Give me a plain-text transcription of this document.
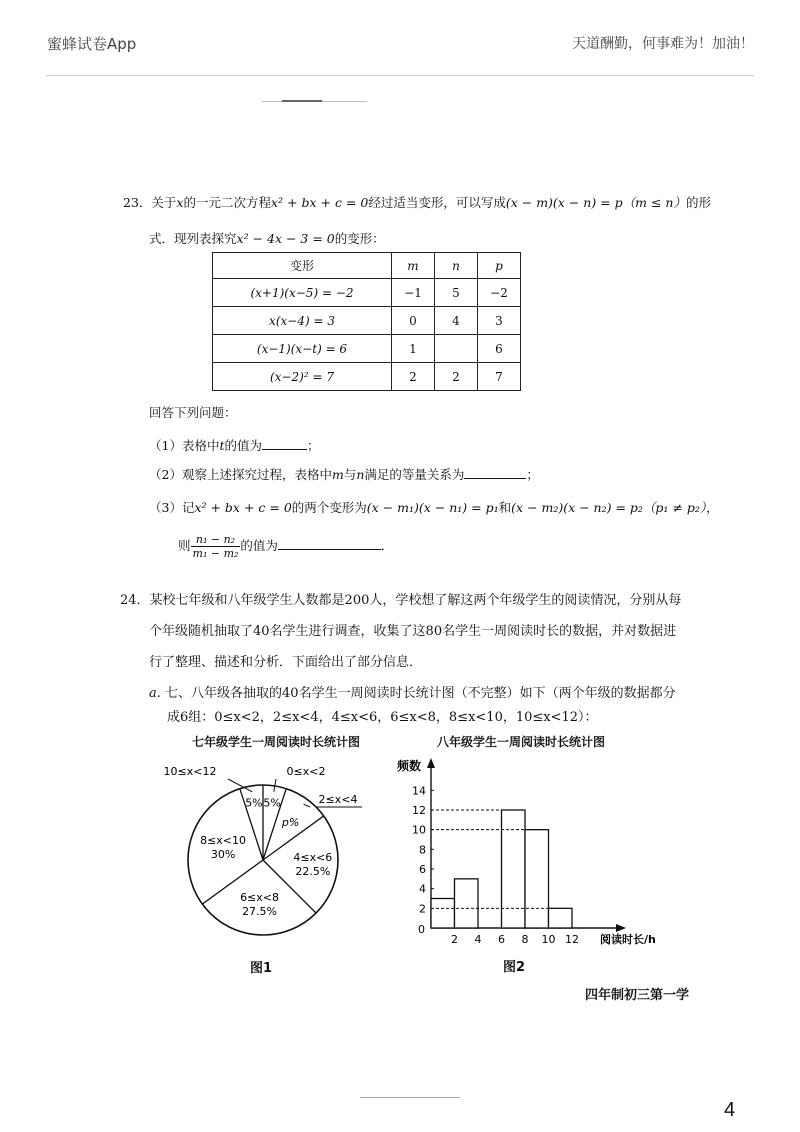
蜜蜂试卷App	天道酬勤，何事难为！加油！
23．关于x的一元二次方程x² + bx + c = 0经过适当变形，可以写成(x − m)(x − n) = p（m ≤ n）的形
式．现列表探究x² − 4x − 3 = 0的变形：
变形	m	n	p
(x+1)(x−5) = −2	−1	5	−2
x(x−4) = 3	0	4	3
(x−1)(x−t) = 6	1		6
(x−2)² = 7	2	2	7
回答下列问题：
（1）表格中t的值为	；
（2）观察上述探究过程，表格中m与n满足的等量关系为	；
（3）记x² + bx + c = 0的两个变形为(x − m₁)(x − n₁) = p₁和(x − m₂)(x − n₂) = p₂（p₁ ≠ p₂），
则 $\frac{\text{n₁ − n₂}}{\text{m₁ − m₂}}$ 的值为	．
24．某校七年级和八年级学生人数都是200人，学校想了解这两个年级学生的阅读情况，分别从每
个年级随机抽取了40名学生进行调查，收集了这80名学生一周阅读时长的数据，并对数据进
行了整理、描述和分析．下面给出了部分信息．
a. 七、八年级各抽取的40名学生一周阅读时长统计图（不完整）如下（两个年级的数据都分
成6组：0≤x<2，2≤x<4，4≤x<6，6≤x<8，8≤x<10，10≤x<12）：
七年级学生一周阅读时长统计图	八年级学生一周阅读时长统计图
5%
p%
4≤x<6
22.5%
6≤x<8
27.5%
8≤x<10
30%
5%
10≤x<12	0≤x<2
2≤x<4
频数
2
4
6
8
10
12
14
0
2 4 6 8 10 12 阅读时长/h
图1	图2
四年制初三第一学
4
